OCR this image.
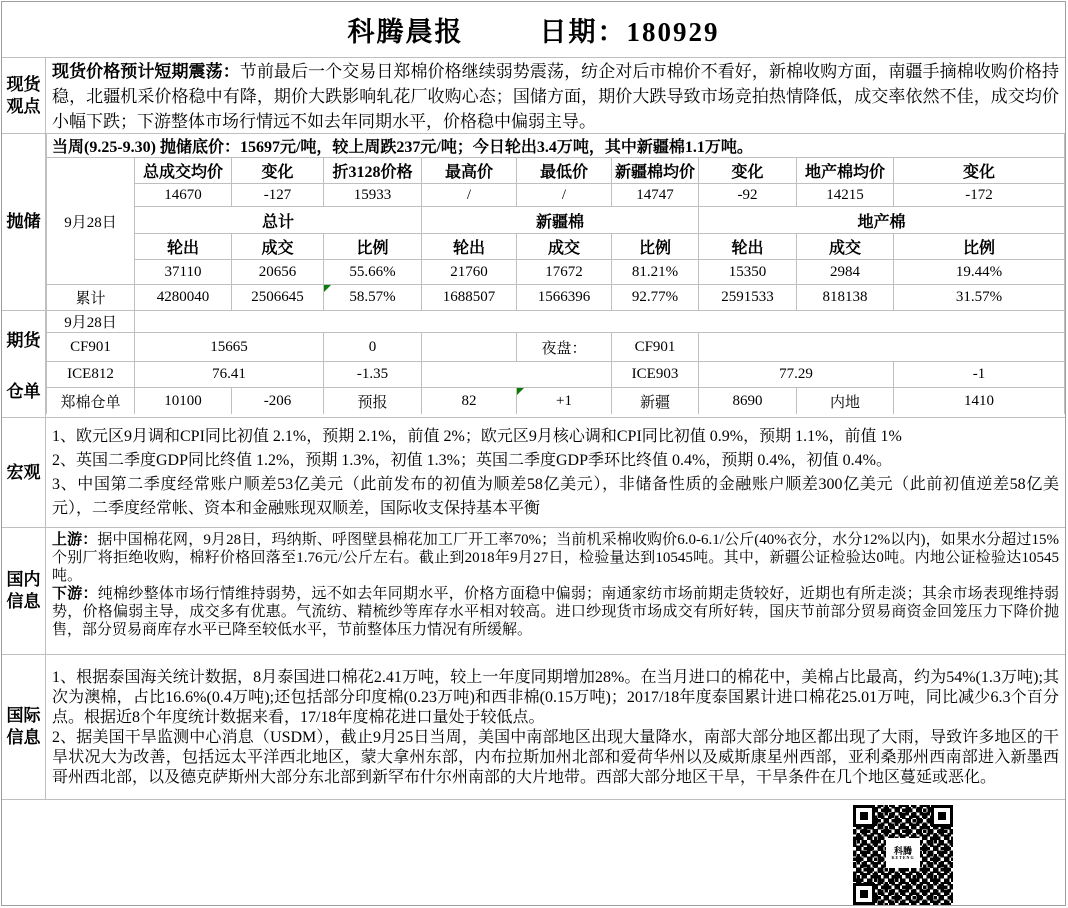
科腾晨报	日期：180929
现货观点
现货价格预计短期震荡：节前最后一个交易日郑棉价格继续弱势震荡，纺企对后市棉价不看好，新棉收购方面，南疆手摘棉收购价格持稳，北疆机采价格稳中有降，期价大跌影响轧花厂收购心态；国储方面，期价大跌导致市场竞拍热情降低，成交率依然不佳，成交均价小幅下跌；下游整体市场行情远不如去年同期水平，价格稳中偏弱主导。
抛储
当周(9.25-9.30) 抛储底价：15697元/吨，较上周跌237元/吨；今日轮出3.4万吨，其中新疆棉1.1万吨。									
9月28日	总成交均价	变化	折3128价格	最高价	最低价	新疆棉均价	变化	地产棉均价	变化
	14670	-127	15933	/	/	14747	-92	14215	-172
	总计			新疆棉			地产棉		
	轮出	成交	比例	轮出	成交	比例	轮出	成交	比例
	37110	20656	55.66%	21760	17672	81.21%	15350	2984	19.44%
累计	4280040	2506645	58.57%	1688507	1566396	92.77%	2591533	818138	31.57%
期货
仓单
9月28日									
CF901	15665		0		夜盘：	CF901			
ICE812	76.41		-1.35			ICE903	77.29		-1
郑棉仓单	10100	-206	预报	82	+1	新疆	8690	内地	1410
宏观
1、欧元区9月调和CPI同比初值 2.1%，预期 2.1%，前值 2%；欧元区9月核心调和CPI同比初值 0.9%，预期 1.1%，前值 1%
2、英国二季度GDP同比终值 1.2%，预期 1.3%，初值 1.3%；英国二季度GDP季环比终值 0.4%，预期 0.4%，初值 0.4%。
3、中国第二季度经常账户顺差53亿美元（此前发布的初值为顺差58亿美元），非储备性质的金融账户顺差300亿美元（此前初值逆差58亿美元），二季度经常帐、资本和金融账现双顺差，国际收支保持基本平衡
国内信息
上游：据中国棉花网，9月28日，玛纳斯、呼图壁县棉花加工厂开工率70%；当前机采棉收购价6.0-6.1/公斤(40%衣分，水分12%以内)，如果水分超过15%个别厂将拒绝收购，棉籽价格回落至1.76元/公斤左右。截止到2018年9月27日，检验量达到10545吨。其中，新疆公证检验达0吨。内地公证检验达10545吨。
下游：纯棉纱整体市场行情维持弱势，远不如去年同期水平，价格方面稳中偏弱；南通家纺市场前期走货较好，近期也有所走淡；其余市场表现维持弱势，价格偏弱主导，成交多有优惠。气流纺、精梳纱等库存水平相对较高。进口纱现货市场成交有所好转，国庆节前部分贸易商资金回笼压力下降价抛售，部分贸易商库存水平已降至较低水平，节前整体压力情况有所缓解。
国际信息
1、根据泰国海关统计数据，8月泰国进口棉花2.41万吨，较上一年度同期增加28%。在当月进口的棉花中，美棉占比最高，约为54%(1.3万吨);其次为澳棉，占比16.6%(0.4万吨);还包括部分印度棉(0.23万吨)和西非棉(0.15万吨)；2017/18年度泰国累计进口棉花25.01万吨，同比减少6.3个百分点。根据近8个年度统计数据来看，17/18年度棉花进口量处于较低点。
2、据美国干旱监测中心消息（USDM），截止9月25日当周，美国中南部地区出现大量降水，南部大部分地区都出现了大雨，导致许多地区的干旱状况大为改善，包括远太平洋西北地区，蒙大拿州东部，内布拉斯加州北部和爱荷华州以及威斯康星州西部，亚利桑那州西南部进入新墨西哥州西北部，以及德克萨斯州大部分东北部到新罕布什尔州南部的大片地带。西部大部分地区干旱，干旱条件在几个地区蔓延或恶化。
科腾
KETENG
